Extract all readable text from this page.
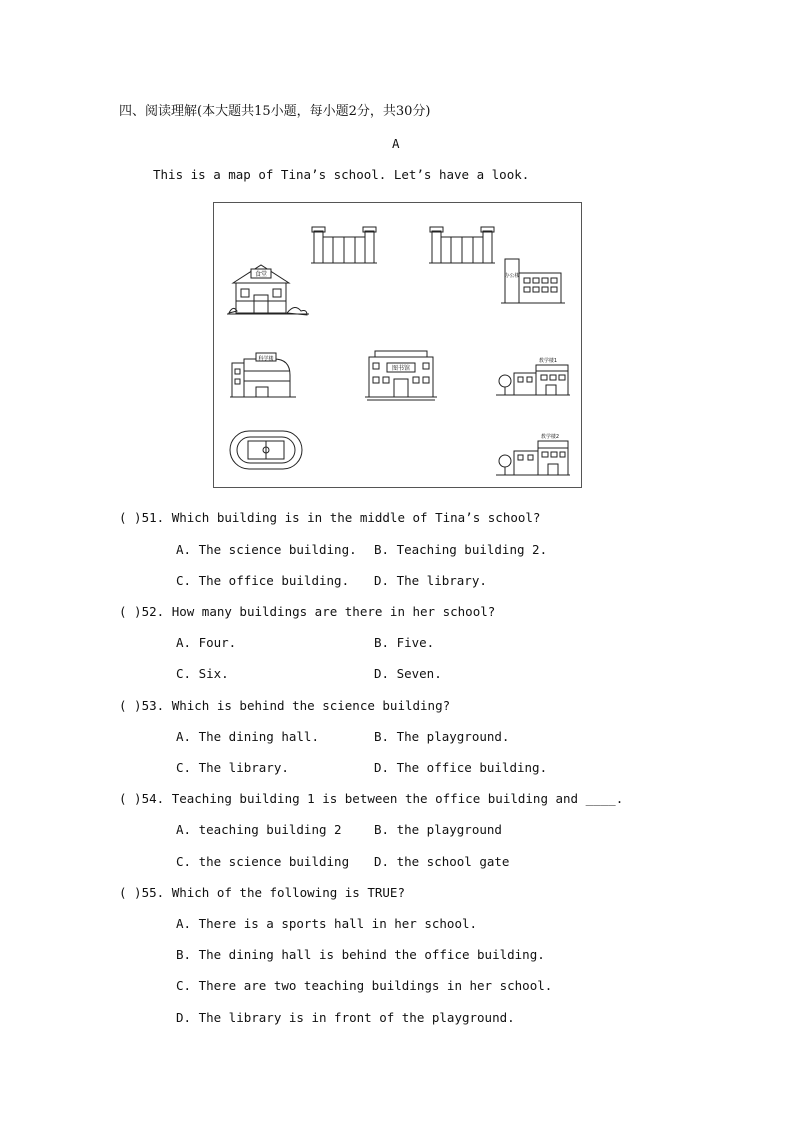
四、阅读理解(本大题共15小题，每小题2分，共30分)
A
This is a map of Tina’s school. Let’s have a look.
食堂	办公楼
科学楼
图书馆
教学楼1
教学楼2
( )51. Which building is in the middle of Tina’s school?
A. The science building. B. Teaching building 2.
C. The office building. D. The library.
( )52. How many buildings are there in her school?
A. Four.	B. Five.
C. Six.	D. Seven.
( )53. Which is behind the science building?
A. The dining hall.	B. The playground.
C. The library.	D. The office building.
( )54. Teaching building 1 is between the office building and ____.
A. teaching building 2	B. the playground
C. the science building D. the school gate
( )55. Which of the following is TRUE?
A. There is a sports hall in her school.
B. The dining hall is behind the office building.
C. There are two teaching buildings in her school.
D. The library is in front of the playground.
